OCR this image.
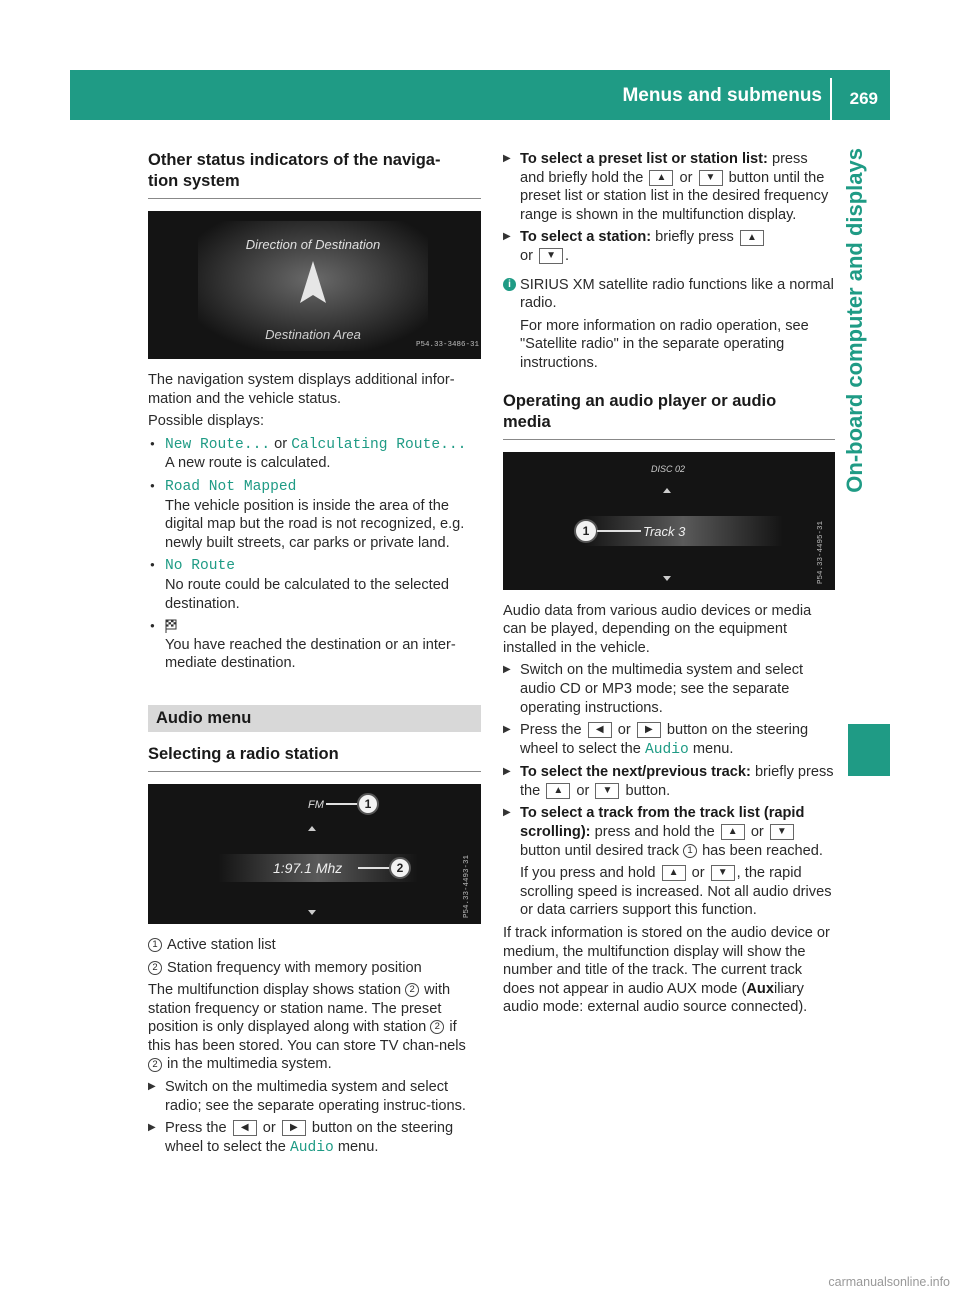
Menus and submenus 269
On-board computer and displays
Other status indicators of the naviga-
tion system
Direction of Destination
Destination Area
P54.33-3486-31

The navigation system displays additional infor-mation and the vehicle status.

Possible displays:

● New Route... or Calculating Route...

A new route is calculated.

● Road Not Mapped

The vehicle position is inside the area of the digital map but the road is not recognized, e.g. newly built streets, car parks or private land.

● No Route

No route could be calculated to the selected destination.

● You have reached the destination or an inter-mediate destination.

Audio menu
Selecting a radio station
FM	1
1:97.1 Mhz	2	P54.33-4493-31

1 Active station list

2 Station frequency with memory position

The multifunction display shows station 2 with station frequency or station name. The preset position is only displayed along with station 2 if this has been stored. You can store TV chan-nels 2 in the multimedia system.

▶ Switch on the multimedia system and select radio; see the separate operating instruc-tions.

▶ Press the ◀ or ▶ button on the steering wheel to select the Audio menu.

▶ To select a preset list or station list: press and briefly hold the ▲ or ▼ button until the preset list or station list in the desired frequency range is shown in the multifunction display.

▶ To select a station: briefly press ▲
or ▼ .

i SIRIUS XM satellite radio functions like a normal radio.

For more information on radio operation, see "Satellite radio" in the separate operating instructions.

Operating an audio player or audio
media
DISC 02
1	Track 3	P54.33-4495-31

Audio data from various audio devices or media can be played, depending on the equipment installed in the vehicle.

▶ Switch on the multimedia system and select audio CD or MP3 mode; see the separate operating instructions.

▶ Press the ◀ or ▶ button on the steering wheel to select the Audio menu.

▶ To select the next/previous track: briefly press the ▲ or ▼ button.

▶ To select a track from the track list (rapid scrolling): press and hold the ▲ or ▼ button until desired track 1 has been reached.

If you press and hold ▲ or ▼ , the rapid scrolling speed is increased. Not all audio drives or data carriers support this function.

If track information is stored on the audio device or medium, the multifunction display will show the number and title of the track. The current track does not appear in audio AUX mode (Auxiliary audio mode: external audio source connected).

carmanualsonline.info
